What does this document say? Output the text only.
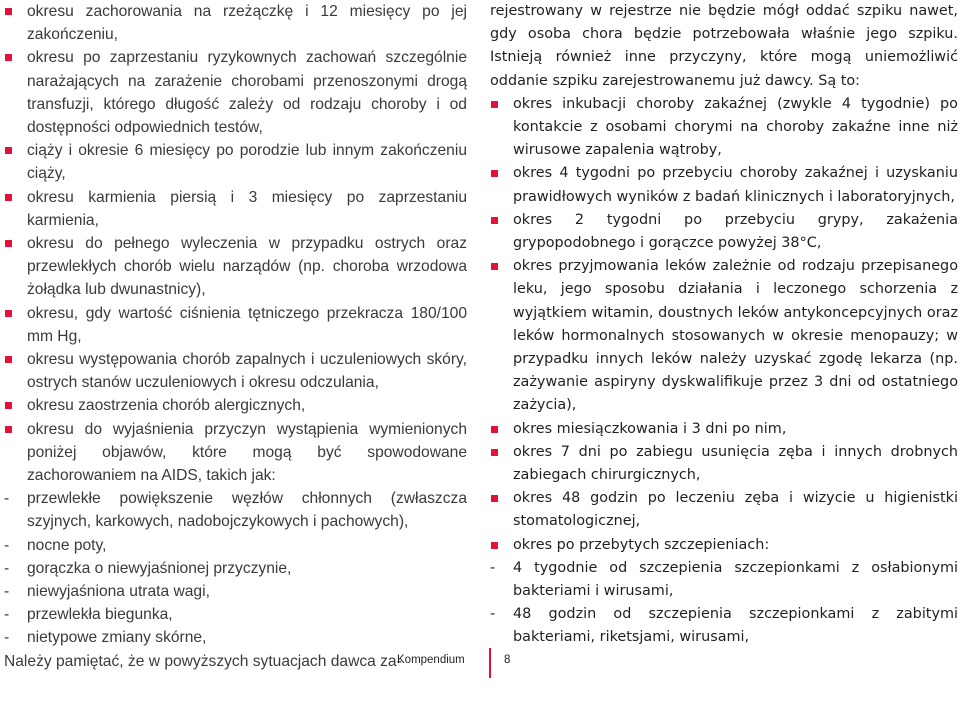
okresu zachorowania na rzeżączkę i 12 miesięcy po jej zakończeniu,
okresu po zaprzestaniu ryzykownych zachowań szczególnie narażających na zarażenie chorobami przenoszonymi drogą transfuzji, którego długość zależy od rodzaju choroby i od dostępności odpowiednich testów,
ciąży i okresie 6 miesięcy po porodzie lub innym zakończeniu ciąży,
okresu karmienia piersią i 3 miesięcy po zaprzestaniu karmienia,
okresu do pełnego wyleczenia w przypadku ostrych oraz przewlekłych chorób wielu narządów (np. choroba wrzodowa żołądka lub dwunastnicy),
okresu, gdy wartość ciśnienia tętniczego przekracza 180/100 mm Hg,
okresu występowania chorób zapalnych i uczuleniowych skóry, ostrych stanów uczuleniowych i okresu odczulania,
okresu zaostrzenia chorób alergicznych,
okresu do wyjaśnienia przyczyn wystąpienia wymienionych poniżej objawów, które mogą być spowodowane zachorowaniem na AIDS, takich jak:
- przewlekłe powiększenie węzłów chłonnych (zwłaszcza szyjnych, karkowych, nadobojczykowych i pachowych),
- nocne poty,
- gorączka o niewyjaśnionej przyczynie,
- niewyjaśniona utrata wagi,
- przewlekła biegunka,
- nietypowe zmiany skórne,
Należy pamiętać, że w powyższych sytuacjach dawca za-
rejestrowany w rejestrze nie będzie mógł oddać szpiku nawet, gdy osoba chora będzie potrzebowała właśnie jego szpiku. Istnieją również inne przyczyny, które mogą uniemożliwić oddanie szpiku zarejestrowanemu już dawcy. Są to:
okres inkubacji choroby zakaźnej (zwykle 4 tygodnie) po kontakcie z osobami chorymi na choroby zakaźne inne niż wirusowe zapalenia wątroby,
okres 4 tygodni po przebyciu choroby zakaźnej i uzyskaniu prawidłowych wyników z badań klinicznych i laboratoryjnych,
okres 2 tygodni po przebyciu grypy, zakażenia grypopodobnego i gorączce powyżej 38°C,
okres przyjmowania leków zależnie od rodzaju przepisanego leku, jego sposobu działania i leczonego schorzenia z wyjątkiem witamin, doustnych leków antykoncepcyjnych oraz leków hormonalnych stosowanych w okresie menopauzy; w przypadku innych leków należy uzyskać zgodę lekarza (np. zażywanie aspiryny dyskwalifikuje przez 3 dni od ostatniego zażycia),
okres miesiączkowania i 3 dni po nim,
okres 7 dni po zabiegu usunięcia zęba i innych drobnych zabiegach chirurgicznych,
okres 48 godzin po leczeniu zęba i wizycie u higienistki stomatologicznej,
okres po przebytych szczepieniach:
- 4 tygodnie od szczepienia szczepionkami z osłabionymi bakteriami i wirusami,
- 48 godzin od szczepienia szczepionkami z zabitymi bakteriami, riketsjami, wirusami,
Kompendium	8
